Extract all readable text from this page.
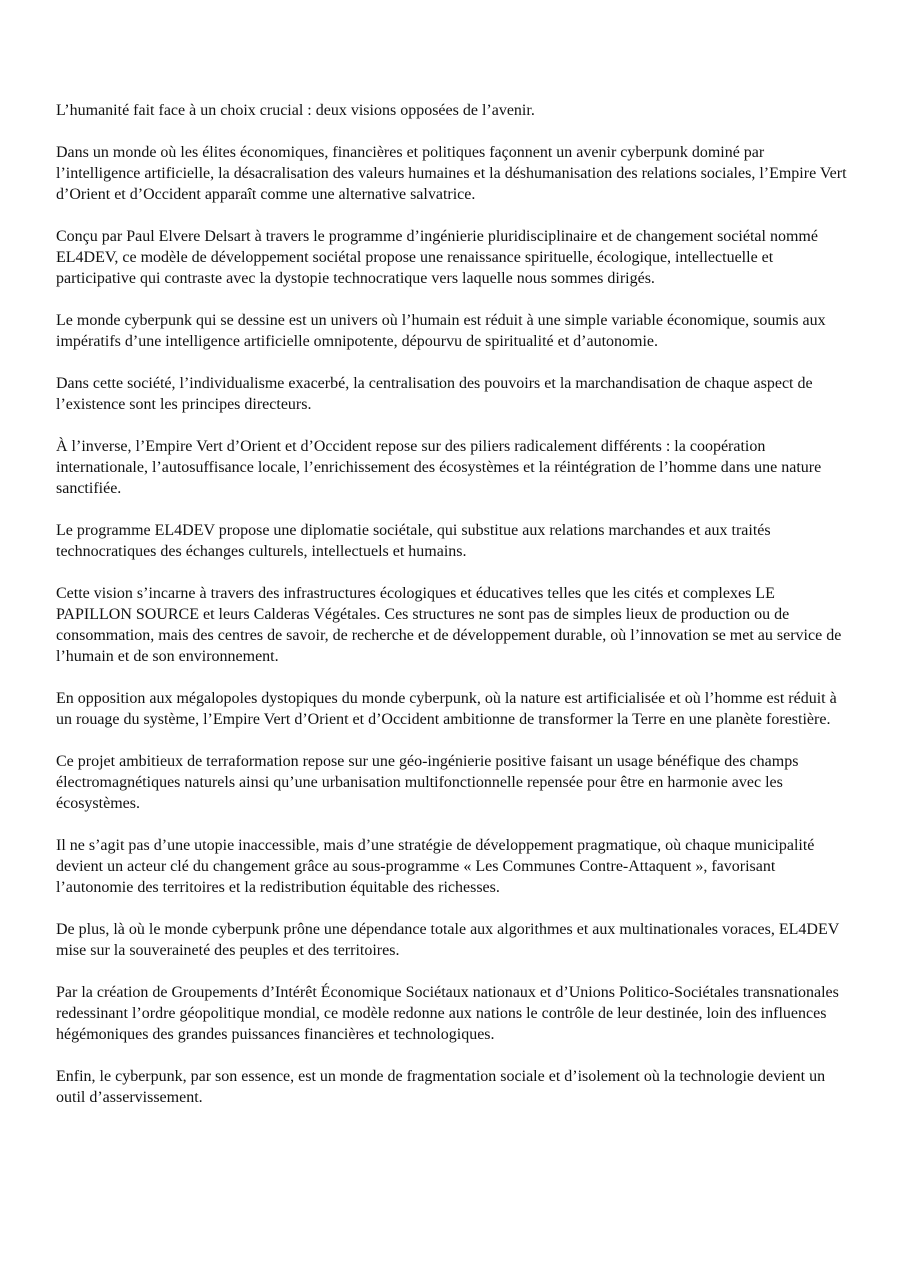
L’humanité fait face à un choix crucial : deux visions opposées de l’avenir.

Dans un monde où les élites économiques, financières et politiques façonnent un avenir cyberpunk dominé par l’intelligence artificielle, la désacralisation des valeurs humaines et la déshumanisation des relations sociales, l’Empire Vert d’Orient et d’Occident apparaît comme une alternative salvatrice.

Conçu par Paul Elvere Delsart à travers le programme d’ingénierie pluridisciplinaire et de changement sociétal nommé EL4DEV, ce modèle de développement sociétal propose une renaissance spirituelle, écologique, intellectuelle et participative qui contraste avec la dystopie technocratique vers laquelle nous sommes dirigés.

Le monde cyberpunk qui se dessine est un univers où l’humain est réduit à une simple variable économique, soumis aux impératifs d’une intelligence artificielle omnipotente, dépourvu de spiritualité et d’autonomie.

Dans cette société, l’individualisme exacerbé, la centralisation des pouvoirs et la marchandisation de chaque aspect de l’existence sont les principes directeurs.

À l’inverse, l’Empire Vert d’Orient et d’Occident repose sur des piliers radicalement différents : la coopération internationale, l’autosuffisance locale, l’enrichissement des écosystèmes et la réintégration de l’homme dans une nature sanctifiée.

Le programme EL4DEV propose une diplomatie sociétale, qui substitue aux relations marchandes et aux traités technocratiques des échanges culturels, intellectuels et humains.

Cette vision s’incarne à travers des infrastructures écologiques et éducatives telles que les cités et complexes LE PAPILLON SOURCE et leurs Calderas Végétales. Ces structures ne sont pas de simples lieux de production ou de consommation, mais des centres de savoir, de recherche et de développement durable, où l’innovation se met au service de l’humain et de son environnement.

En opposition aux mégalopoles dystopiques du monde cyberpunk, où la nature est artificialisée et où l’homme est réduit à un rouage du système, l’Empire Vert d’Orient et d’Occident ambitionne de transformer la Terre en une planète forestière.

Ce projet ambitieux de terraformation repose sur une géo-ingénierie positive faisant un usage bénéfique des champs électromagnétiques naturels ainsi qu’une urbanisation multifonctionnelle repensée pour être en harmonie avec les écosystèmes.

Il ne s’agit pas d’une utopie inaccessible, mais d’une stratégie de développement pragmatique, où chaque municipalité devient un acteur clé du changement grâce au sous-programme « Les Communes Contre-Attaquent », favorisant l’autonomie des territoires et la redistribution équitable des richesses.

De plus, là où le monde cyberpunk prône une dépendance totale aux algorithmes et aux multinationales voraces, EL4DEV mise sur la souveraineté des peuples et des territoires.

Par la création de Groupements d’Intérêt Économique Sociétaux nationaux et d’Unions Politico-Sociétales transnationales redessinant l’ordre géopolitique mondial, ce modèle redonne aux nations le contrôle de leur destinée, loin des influences hégémoniques des grandes puissances financières et technologiques.

Enfin, le cyberpunk, par son essence, est un monde de fragmentation sociale et d’isolement où la technologie devient un outil d’asservissement.
